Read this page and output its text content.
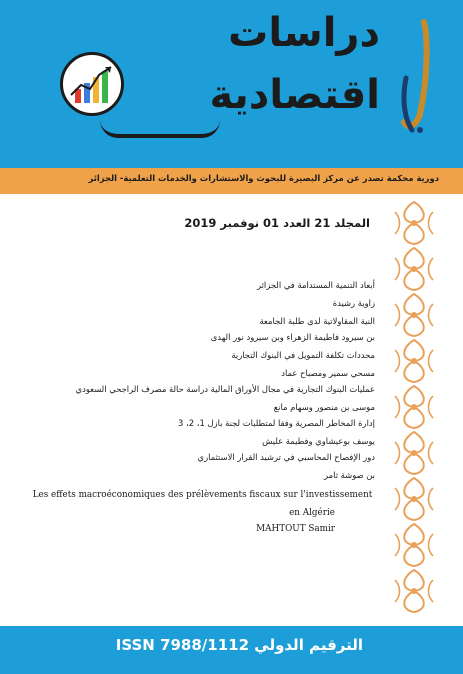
دراسات
اقتصادية
دورية محكمة تصدر عن مركز البصيرة للبحوث والاستشارات والخدمات التعلمية- الجزائر
المجلد 21 العدد 01 نوفمبر 2019
أبعاد التنمية المستدامة في الجزائر
زاوية رشيدة
النية المقاولاتية لدى طلبة الجامعة
بن سيرود فاطيمة الزهراء وبن سيرود نور الهدى
محددات تكلفة التمويل في البنوك التجارية
مسحي سمير ومصباح عماد
عمليات البنوك التجارية في مجال الأوراق المالية دراسة حالة مصرف الراجحي السعودي
موسى بن منصور وسهام مانع
إدارة المخاطر المصرية وفقا لمتطلبات لجنة بازل 1، 2، 3
يوسف بوعيشاوي وفطيمة عليش
دور الإفصاح المحاسبي في ترشيد القرار الاستثماري
بن صوشة ثامر
Les effets macroéconomiques des prélèvements fiscaux sur l'investissement
en Algérie
MAHTOUT Samir
ISSN 7988/1112 الترقيم الدولي
